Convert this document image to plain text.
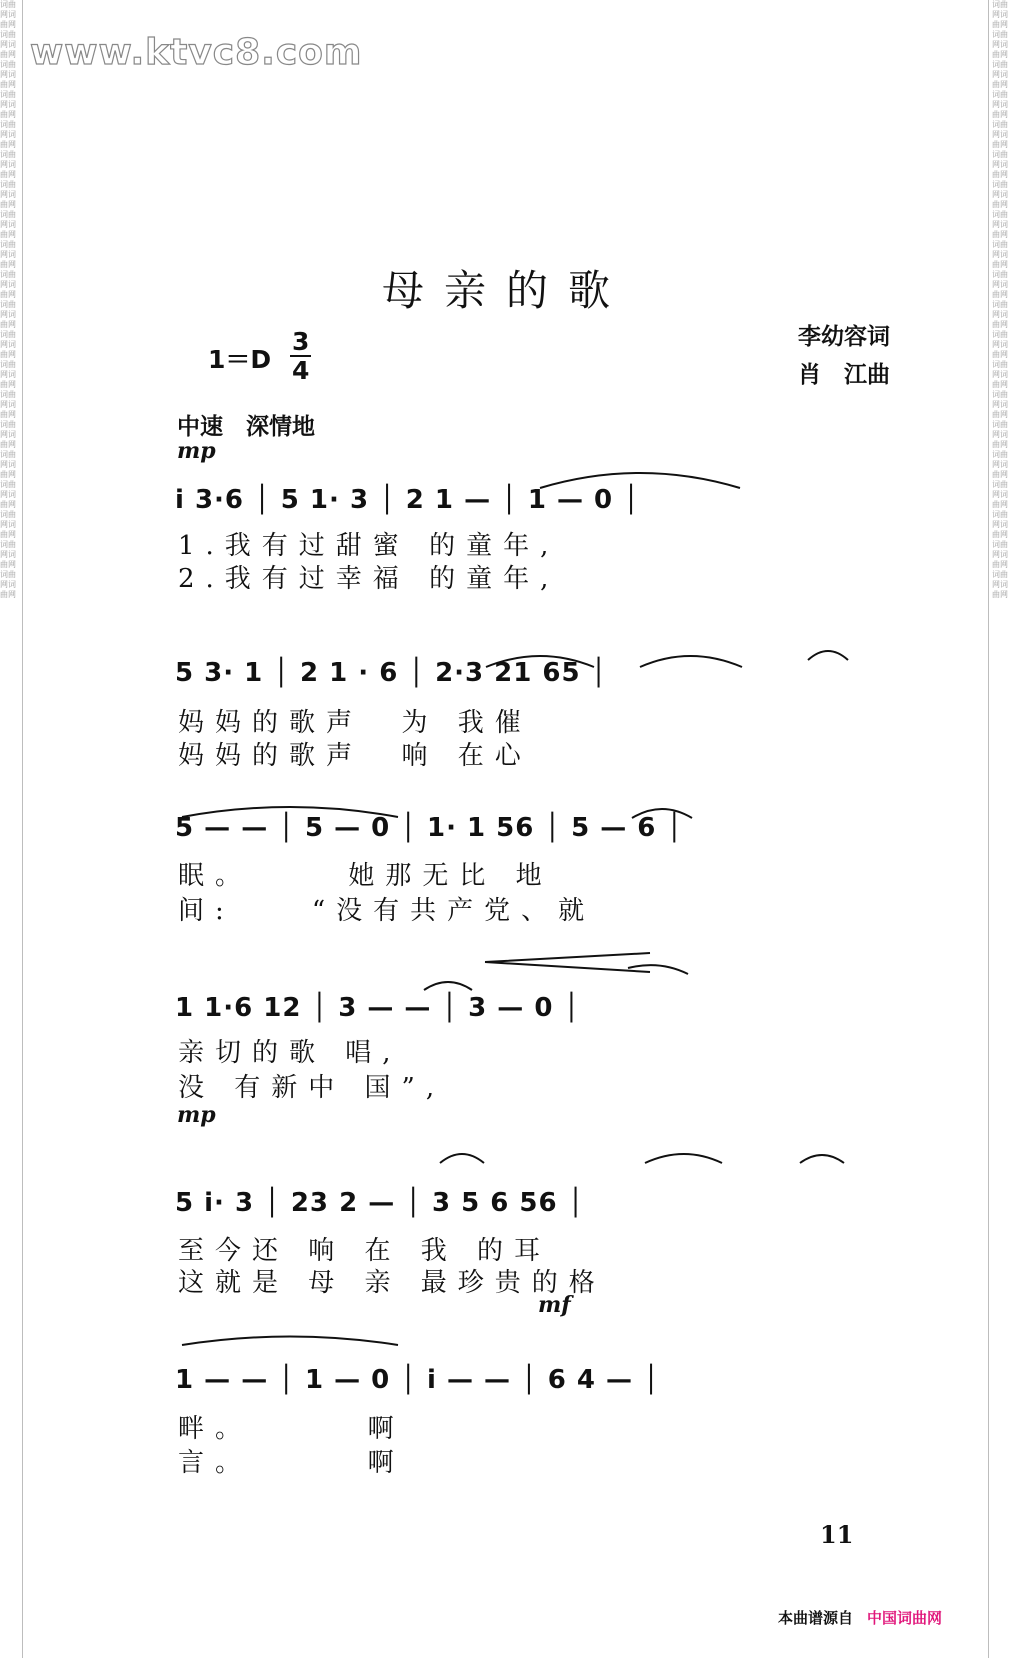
词曲网词曲网词曲网词曲网词曲网词曲网词曲网词曲网词曲网词曲网词曲网词曲网词曲网词曲网词曲网词曲网词曲网词曲网词曲网词曲网词曲网词曲网词曲网词曲网词曲网词曲网词曲网词曲网词曲网词曲网词曲网词曲网词曲网词曲网词曲网词曲网词曲网词曲网词曲网词曲网
词曲网词曲网词曲网词曲网词曲网词曲网词曲网词曲网词曲网词曲网词曲网词曲网词曲网词曲网词曲网词曲网词曲网词曲网词曲网词曲网词曲网词曲网词曲网词曲网词曲网词曲网词曲网词曲网词曲网词曲网词曲网词曲网词曲网词曲网词曲网词曲网词曲网词曲网词曲网词曲网
www.ktvc8.com
母亲的歌
李幼容词
肖　江曲
1＝D
3
4
中速　深情地
mp
mp
mf
i 3·6 │ 5 1· 3 │ 2 1 — │ 1 — 0 │
1.我有过甜蜜 的童年,
2.我有过幸福 的童年,
5 3· 1 │ 2 1 · 6 │ 2·3 21 65 │
妈妈的歌声  为 我催
妈妈的歌声  响 在心
5 — — │ 5 — 0 │ 1· 1 56 │ 5 — 6 │
眠。     她那无比 地
间:    “没有共产党、就
1 1·6 12 │ 3 — — │ 3 — 0 │
亲切的歌 唱,
没 有新中 国”,
5 i· 3 │ 23 2 — │ 3 5 6 56 │
至今还 响 在 我 的耳
这就是 母 亲 最珍贵的格
1 — — │ 1 — 0 │ i — — │ 6 4 — │
畔。      啊
言。      啊
11
本曲谱源自 中国词曲网
